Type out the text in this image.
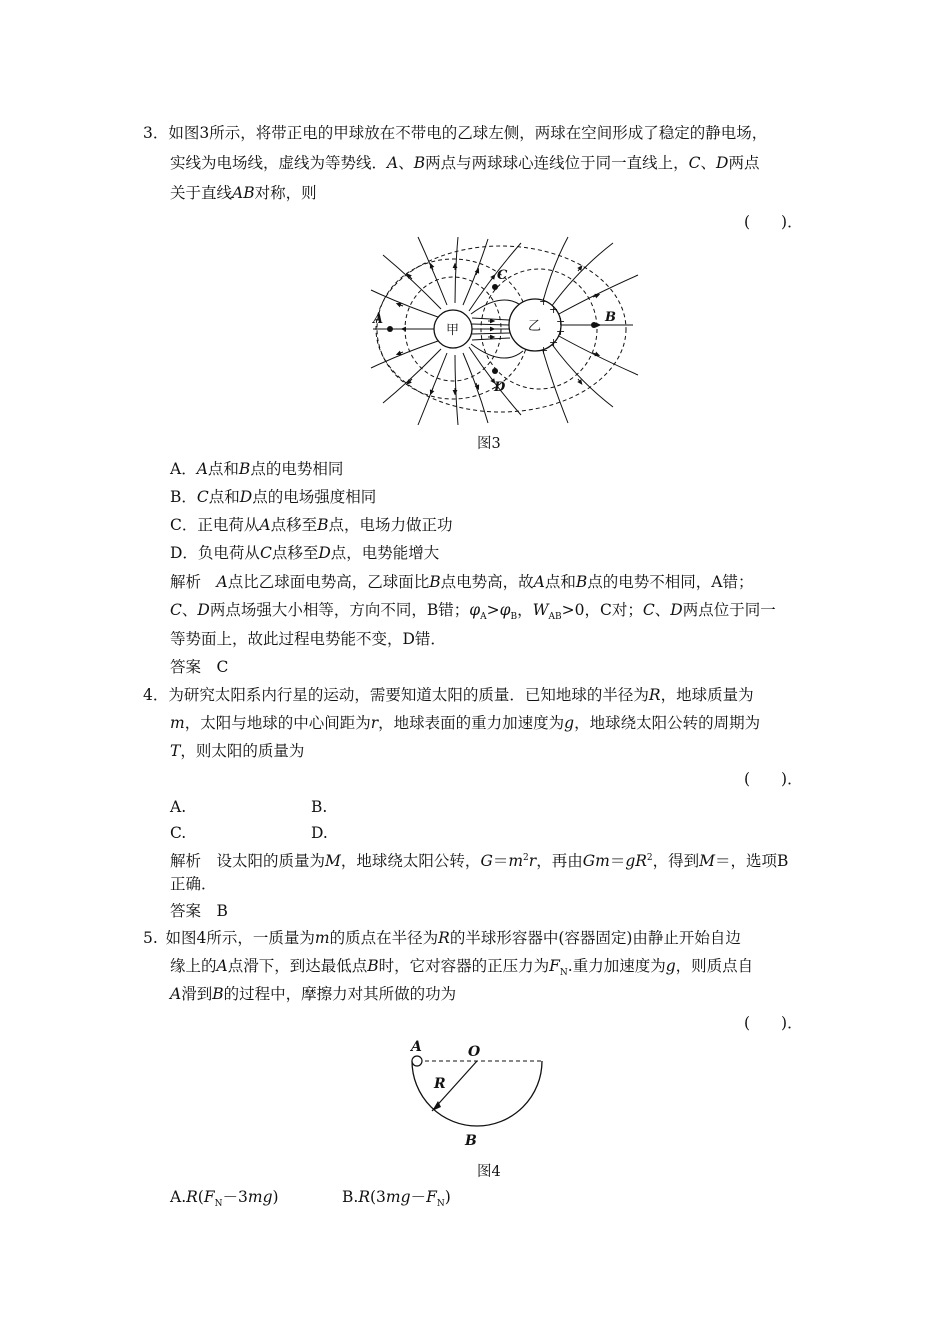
3．如图3所示，将带正电的甲球放在不带电的乙球左侧，两球在空间形成了稳定的静电场，
实线为电场线，虚线为等势线．A、B两点与两球球心连线位于同一直线上，C、D两点
关于直线AB对称，则
(　　)．
甲	乙
+
+
+
+
+
+
A	B
C
D
图3
A．A点和B点的电势相同
B．C点和D点的电场强度相同
C．正电荷从A点移至B点，电场力做正功
D．负电荷从C点移至D点，电势能增大
解析　 A点比乙球面电势高，乙球面比B点电势高，故A点和B点的电势不相同，A错；
C、D两点场强大小相等，方向不同，B错；$\varphi_A>\varphi_B$，$W_{AB}>0$，C对；C、D两点位于同一
等势面上，故此过程电势能不变，D错．
答案　 C
4．为研究太阳系内行星的运动，需要知道太阳的质量．已知地球的半径为R，地球质量为
m，太阳与地球的中心间距为r，地球表面的重力加速度为g，地球绕太阳公转的周期为
T，则太阳的质量为
(　　)．
A.	B.
C.	D.
解析　 设太阳的质量为M，地球绕太阳公转，$G=m^2r$，再由$Gm=gR^2$，得到M＝，选项B
正确．
答案　 B
5.  如图4所示，一质量为m的质点在半径为R的半球形容器中(容器固定)由静止开始自边
缘上的A点滑下，到达最低点B时，它对容器的正压力为$F_N$.重力加速度为g，则质点自
A滑到B的过程中，摩擦力对其所做的功为
(　　)．
A	O
R
B
图4
$A.R(F_N-3mg)$	$B.R(3mg-F_N)$
